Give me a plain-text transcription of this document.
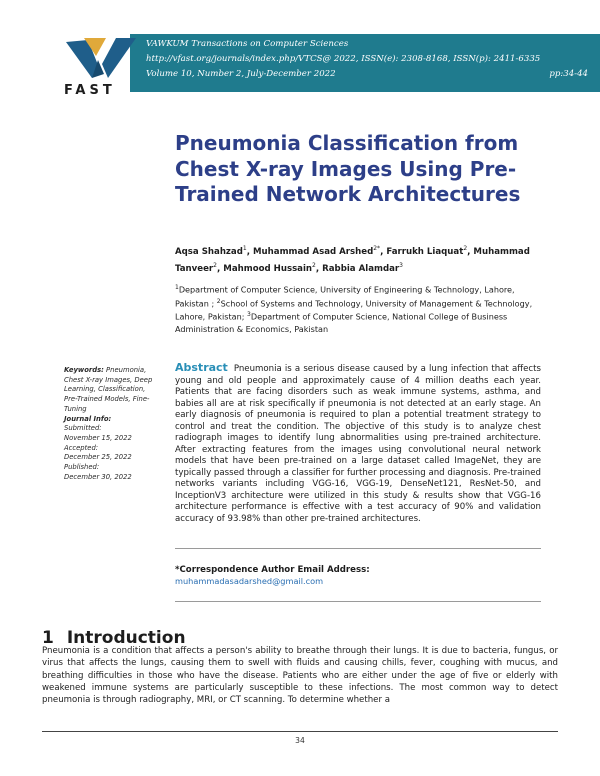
FAST
VAWKUM Transactions on Computer Sciences
http://vfast.org/journals/index.php/VTCS@ 2022, ISSN(e): 2308-8168, ISSN(p): 2411-6335
Volume 10, Number 2, July-December 2022	pp:34-44
Pneumonia Classification from Chest X-ray Images Using Pre-Trained Network Architectures
Aqsa Shahzad$^1$, Muhammad Asad Arshed$^{2*}$, Farrukh Liaquat$^2$, Muhammad Tanveer$^2$, Mahmood Hussain$^2$, Rabbia Alamdar$^3$
$^1$Department of Computer Science, University of Engineering & Technology, Lahore, Pakistan ; $^2$School of Systems and Technology, University of Management & Technology, Lahore, Pakistan; $^3$Department of Computer Science, National College of Business Administration & Economics, Pakistan
Keywords: Pneumonia, Chest X-ray Images, Deep Learning, Classification, Pre-Trained Models, Fine-Tuning
Journal Info:
Submitted:
November 15, 2022
Accepted:
December 25, 2022
Published:
December 30, 2022
Abstract Pneumonia is a serious disease caused by a lung infection that affects young and old people and approximately cause of 4 million deaths each year. Patients that are facing disorders such as weak immune systems, asthma, and babies all are at risk specifically if pneumonia is not detected at an early stage. An early diagnosis of pneumonia is required to plan a potential treatment strategy to control and treat the condition. The objective of this study is to analyze chest radiograph images to identify lung abnormalities using pre-trained architecture. After extracting features from the images using convolutional neural network models that have been pre-trained on a large dataset called ImageNet, they are typically passed through a classifier for further processing and diagnosis. Pre-trained networks variants including VGG-16, VGG-19, DenseNet121, ResNet-50, and InceptionV3 architecture were utilized in this study & results show that VGG-16 architecture performance is effective with a test accuracy of 90% and validation accuracy of 93.98% than other pre-trained architectures.
*Correspondence Author Email Address:
muhammadasadarshed@gmail.com
1 Introduction
Pneumonia is a condition that affects a person's ability to breathe through their lungs. It is due to bacteria, fungus, or virus that affects the lungs, causing them to swell with fluids and causing chills, fever, coughing with mucus, and breathing difficulties in those who have the disease. Patients who are either under the age of five or elderly with weakened immune systems are particularly susceptible to these infections. The most common way to detect pneumonia is through radiography, MRI, or CT scanning. To determine whether a
34
